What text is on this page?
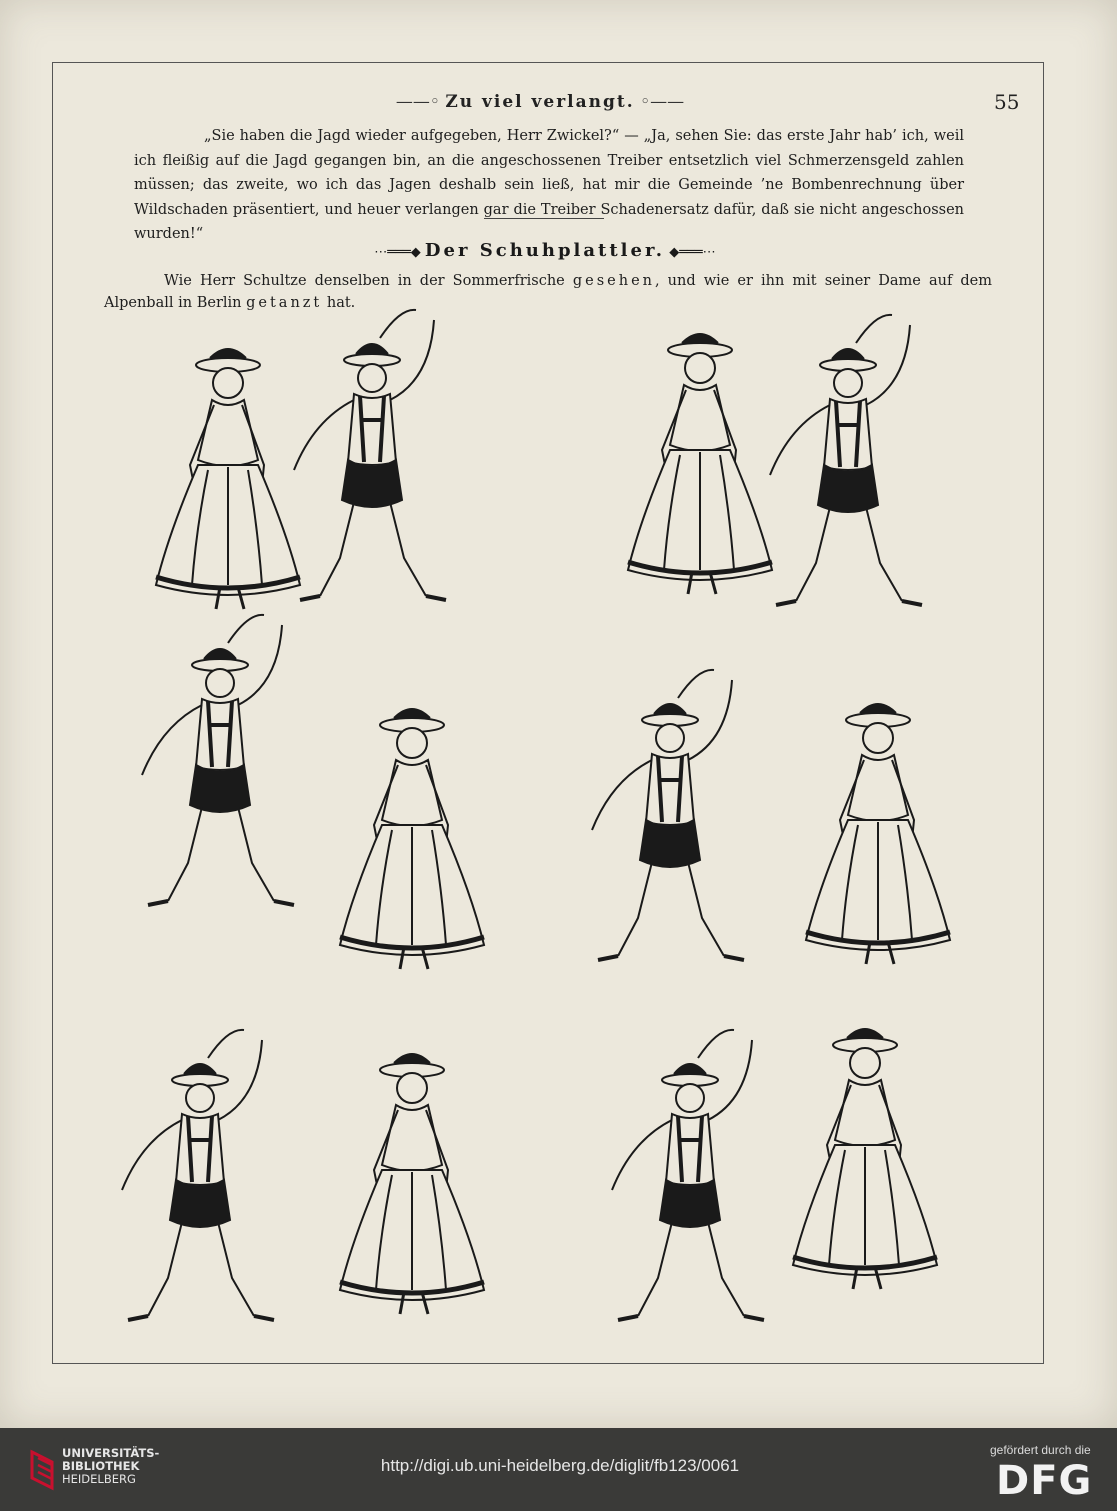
——◦ Zu viel verlangt. ◦——	55
„Sie haben die Jagd wieder aufgegeben, Herr Zwickel?“ — „Ja, sehen Sie: das erste Jahr hab’ ich, weil ich fleißig auf die Jagd gegangen bin, an die angeschossenen Treiber entsetzlich viel Schmerzensgeld zahlen müssen; das zweite, wo ich das Jagen deshalb sein ließ, hat mir die Gemeinde ’ne Bombenrechnung über Wildschaden präsentiert, und heuer verlangen gar die Treiber Schadenersatz dafür, daß sie nicht angeschossen wurden!“
⋯═══◆ Der Schuhplattler. ◆═══⋯
Wie Herr Schultze denselben in der Sommerfrische gesehen, und wie er ihn mit seiner Dame auf dem Alpenball in Berlin getanzt hat.
UNIVERSITÄTS-
BIBLIOTHEK
HEIDELBERG
http://digi.ub.uni-heidelberg.de/diglit/fb123/0061
gefördert durch die
DFG
